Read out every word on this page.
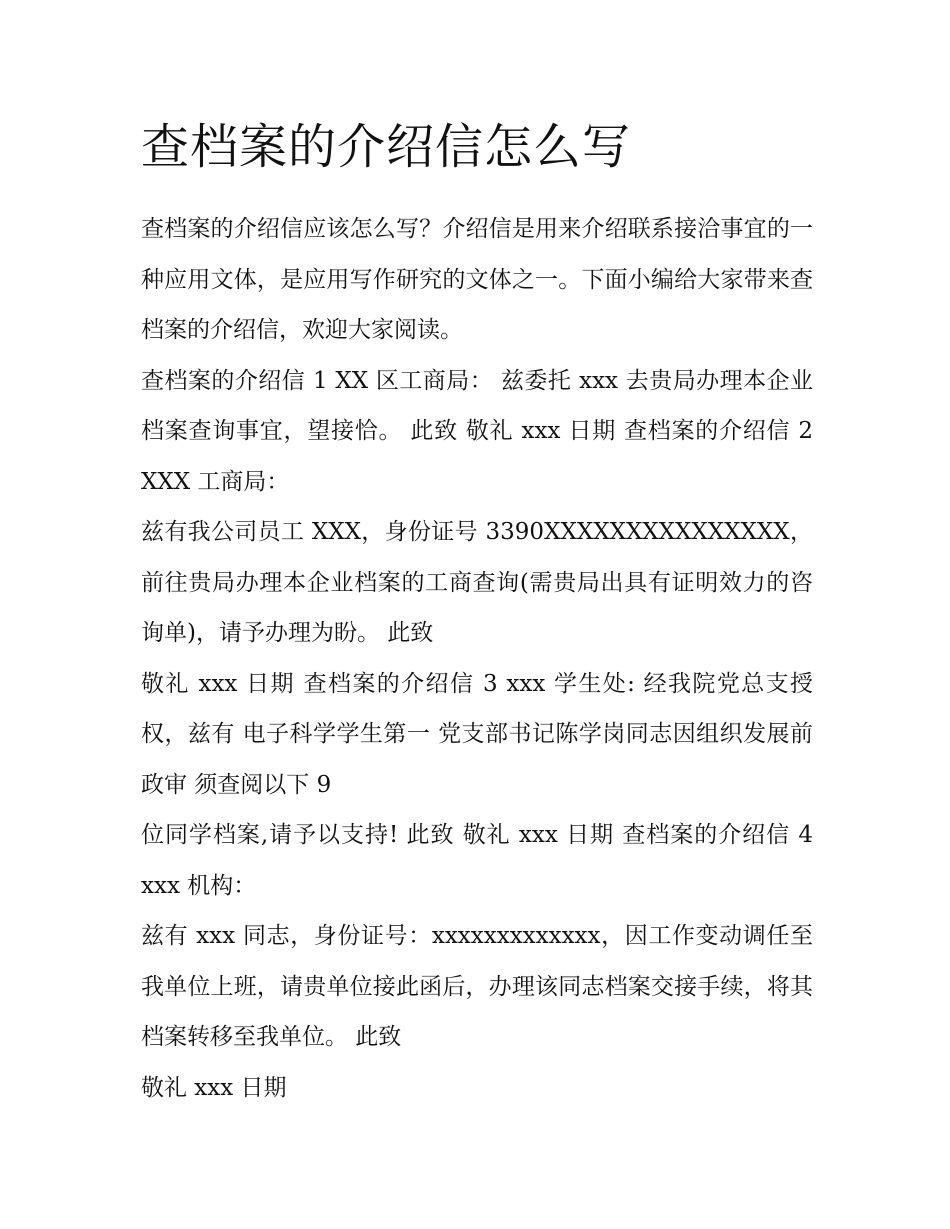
查档案的介绍信怎么写

查档案的介绍信应该怎么写？介绍信是用来介绍联系接洽事宜的一种应用文体，是应用写作研究的文体之一。下面小编给大家带来查档案的介绍信，欢迎大家阅读。

查档案的介绍信 1 XX 区工商局： 兹委托 xxx 去贵局办理本企业档案查询事宜，望接恰。 此致 敬礼 xxx 日期 查档案的介绍信 2 XXX 工商局：

兹有我公司员工 XXX，身份证号 3390XXXXXXXXXXXXXXX，前往贵局办理本企业档案的工商查询(需贵局出具有证明效力的咨询单)，请予办理为盼。 此致

敬礼 xxx 日期 查档案的介绍信 3 xxx 学生处: 经我院党总支授权，兹有 电子科学学生第一 党支部书记陈学岗同志因组织发展前政审 须查阅以下 9

位同学档案,请予以支持! 此致 敬礼 xxx 日期 查档案的介绍信 4 xxx 机构：

兹有 xxx 同志，身份证号：xxxxxxxxxxxxx，因工作变动调任至我单位上班，请贵单位接此函后，办理该同志档案交接手续，将其档案转移至我单位。 此致

敬礼 xxx 日期
